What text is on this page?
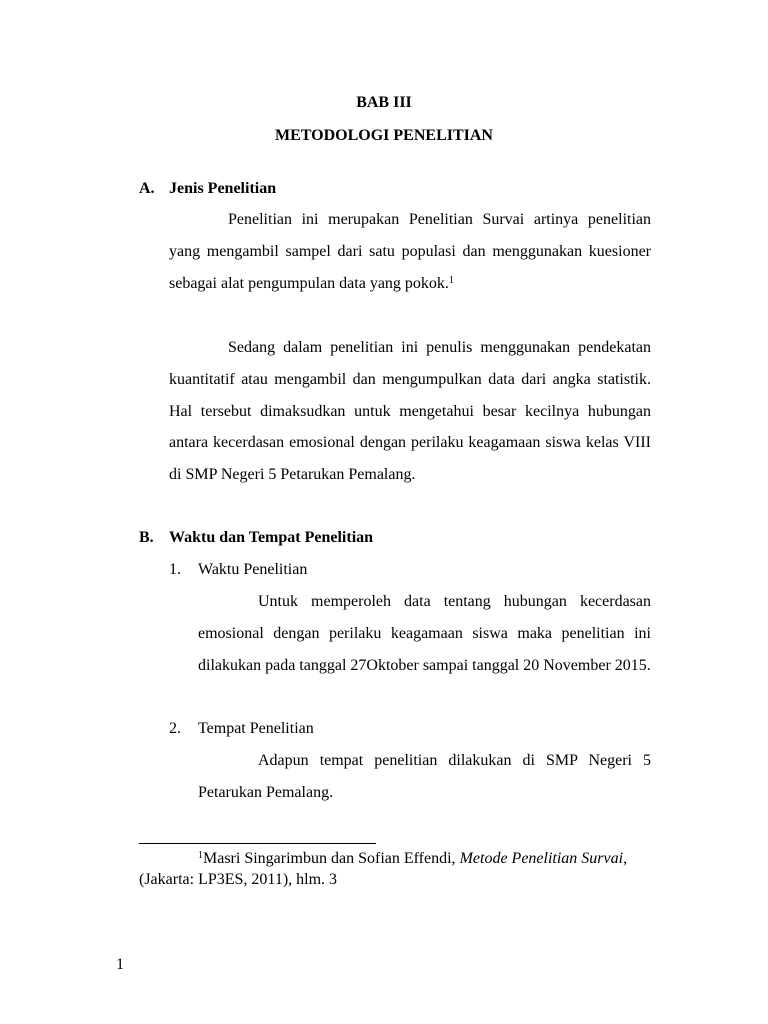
BAB III
METODOLOGI PENELITIAN
A. Jenis Penelitian

Penelitian ini merupakan Penelitian Survai artinya penelitian yang mengambil sampel dari satu populasi dan menggunakan kuesioner sebagai alat pengumpulan data yang pokok.$^1$

Sedang dalam penelitian ini penulis menggunakan pendekatan kuantitatif atau mengambil dan mengumpulkan data dari angka statistik. Hal tersebut dimaksudkan untuk mengetahui besar kecilnya hubungan antara kecerdasan emosional dengan perilaku keagamaan siswa kelas VIII di SMP Negeri 5 Petarukan Pemalang.

B. Waktu dan Tempat Penelitian
1. Waktu Penelitian

Untuk memperoleh data tentang hubungan kecerdasan emosional dengan perilaku keagamaan siswa maka penelitian ini dilakukan pada tanggal 27Oktober sampai tanggal 20 November 2015.

2. Tempat Penelitian

Adapun tempat penelitian dilakukan di SMP Negeri 5 Petarukan Pemalang.

$^1$Masri Singarimbun dan Sofian Effendi, Metode Penelitian Survai, (Jakarta: LP3ES, 2011), hlm. 3

1
